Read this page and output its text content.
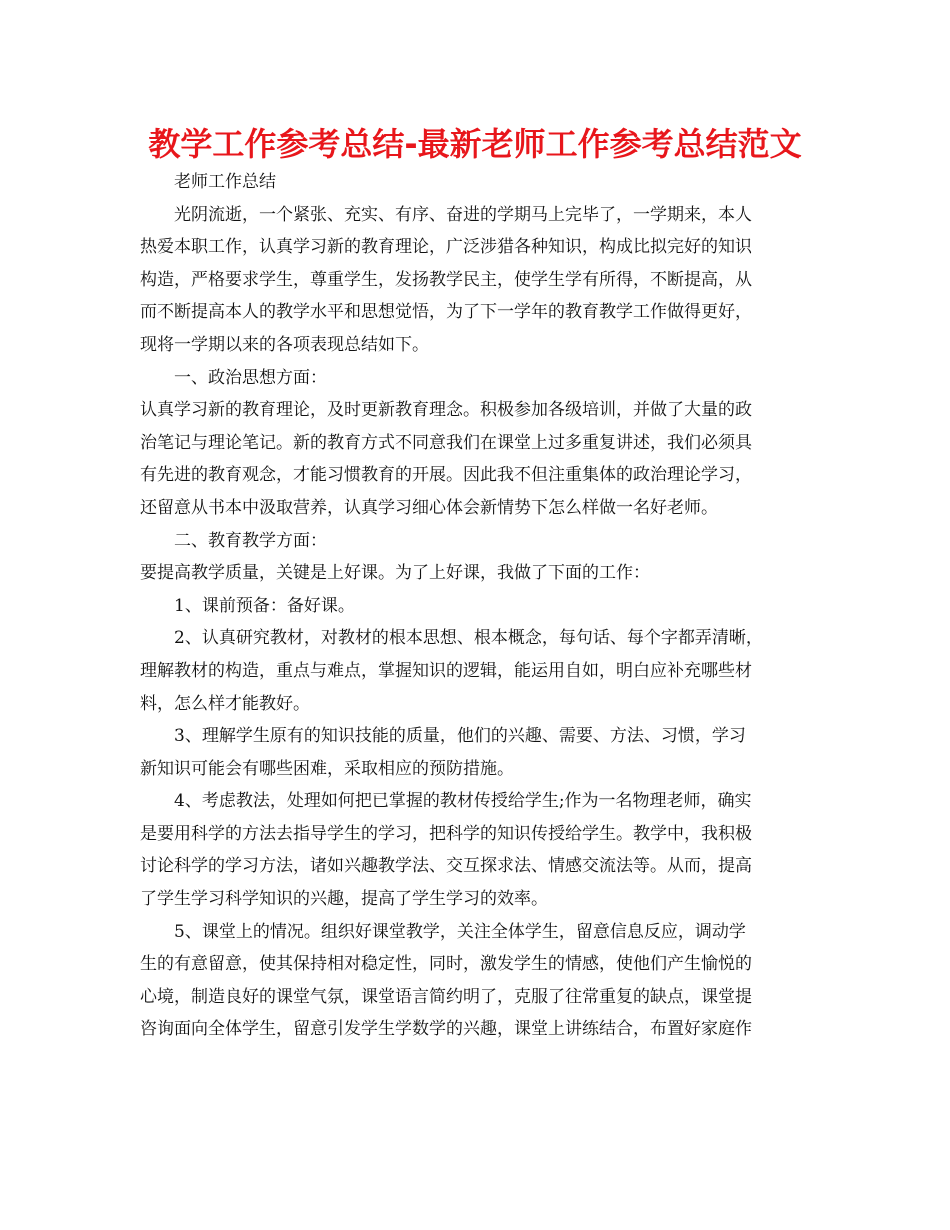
教学工作参考总结-最新老师工作参考总结范文
老师工作总结
光阴流逝，一个紧张、充实、有序、奋进的学期马上完毕了，一学期来，本人
热爱本职工作，认真学习新的教育理论，广泛涉猎各种知识，构成比拟完好的知识
构造，严格要求学生，尊重学生，发扬教学民主，使学生学有所得，不断提高，从
而不断提高本人的教学水平和思想觉悟，为了下一学年的教育教学工作做得更好，
现将一学期以来的各项表现总结如下。
一、政治思想方面：
认真学习新的教育理论，及时更新教育理念。积极参加各级培训，并做了大量的政
治笔记与理论笔记。新的教育方式不同意我们在课堂上过多重复讲述，我们必须具
有先进的教育观念，才能习惯教育的开展。因此我不但注重集体的政治理论学习，
还留意从书本中汲取营养，认真学习细心体会新情势下怎么样做一名好老师。
二、教育教学方面：
要提高教学质量，关键是上好课。为了上好课，我做了下面的工作：
1、课前预备：备好课。
2、认真研究教材，对教材的根本思想、根本概念，每句话、每个字都弄清晰，
理解教材的构造，重点与难点，掌握知识的逻辑，能运用自如，明白应补充哪些材
料，怎么样才能教好。
3、理解学生原有的知识技能的质量，他们的兴趣、需要、方法、习惯，学习
新知识可能会有哪些困难，采取相应的预防措施。
4、考虑教法，处理如何把已掌握的教材传授给学生;作为一名物理老师，确实
是要用科学的方法去指导学生的学习，把科学的知识传授给学生。教学中，我积极
讨论科学的学习方法，诸如兴趣教学法、交互探求法、情感交流法等。从而，提高
了学生学习科学知识的兴趣，提高了学生学习的效率。
5、课堂上的情况。组织好课堂教学，关注全体学生，留意信息反应，调动学
生的有意留意，使其保持相对稳定性，同时，激发学生的情感，使他们产生愉悦的
心境，制造良好的课堂气氛，课堂语言简约明了，克服了往常重复的缺点，课堂提
咨询面向全体学生，留意引发学生学数学的兴趣，课堂上讲练结合，布置好家庭作
